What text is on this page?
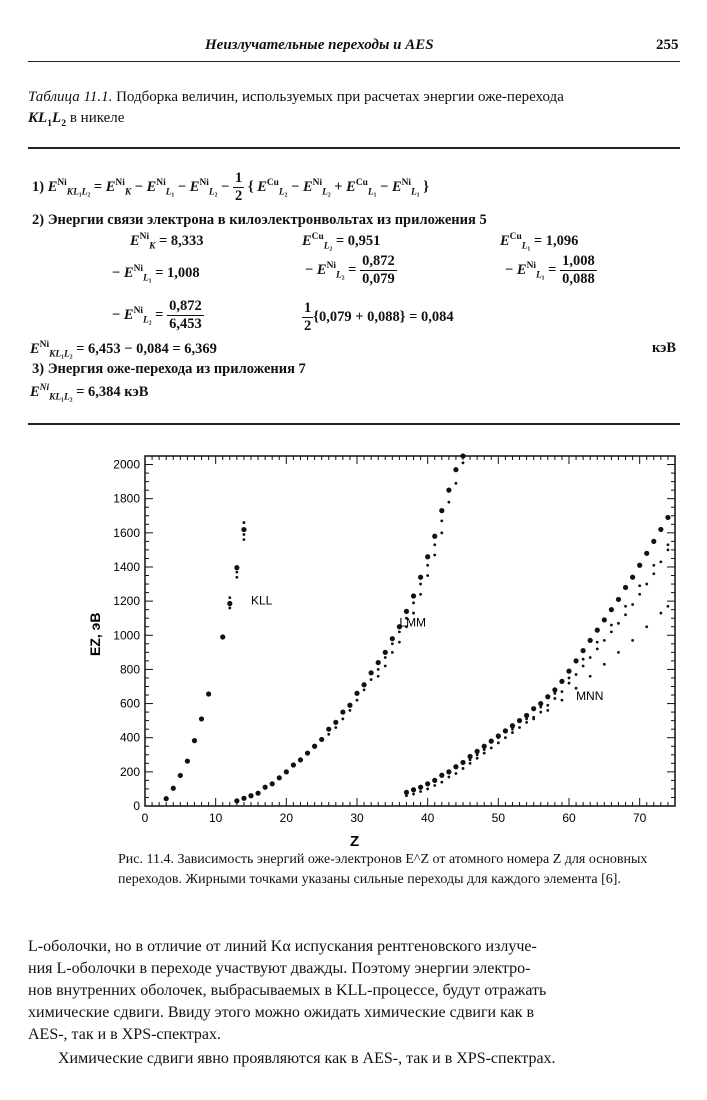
Неизлучательные переходы и AES	255
Таблица 11.1. Подборка величин, используемых при расчетах энергии оже-перехода
$KL_1L_2$ в никеле
1) $E^{Ni}_{KL_1L_2} = E^{Ni}_K - E^{Ni}_{L_1} - E^{Ni}_{L_2} - \frac{1}{2}$ { $E^{Cu}_{L_2} - E^{Ni}_{L_2} + E^{Cu}_{L_1} - E^{Ni}_{L_1}$ }
2) Энергии связи электрона в килоэлектронвольтах из приложения 5
$E^{Ni}_K = 8,333$	$E^{Cu}_{L_2} = 0,951$	$E^{Cu}_{L_1} = 1,096$
− $E^{Ni}_{L_1} = 1,008$	− $E^{Ni}_{L_2} = \frac{0,872}{0,079}$	− $E^{Ni}_{L_1} = \frac{1,008}{0,088}$
− $E^{Ni}_{L_2} = \frac{0,872}{6,453}$	$\frac{1}{2} \{0,079 + 0,088\} = 0,084$
$E^{Ni}_{KL_1L_2} = 6,453 - 0,084 = 6,369$	кэВ
3) Энергия оже-перехода из приложения 7
$E^{Ni}_{KL_1L_2} = 6,384$ кэВ
0	10	20	30	40	50	60	70
0
200
400
600
800
1000
1200
1400
1600
1800
2000
Z
EZ, эВ
KLL
LMM
MNN
Рис. 11.4. Зависимость энергий оже-электронов E^Z от атомного номера Z для основных переходов. Жирными точками указаны сильные переходы для каждого элемента [6].
L-оболочки, но в отличие от линий Kα испускания рентгеновского излуче-
ния L-оболочки в переходе участвуют дважды. Поэтому энергии электро-
нов внутренних оболочек, выбрасываемых в KLL-процессе, будут отражать
химические сдвиги. Ввиду этого можно ожидать химические сдвиги как в
AES-, так и в XPS-спектрах.
Химические сдвиги явно проявляются как в AES-, так и в XPS-спектрах.
